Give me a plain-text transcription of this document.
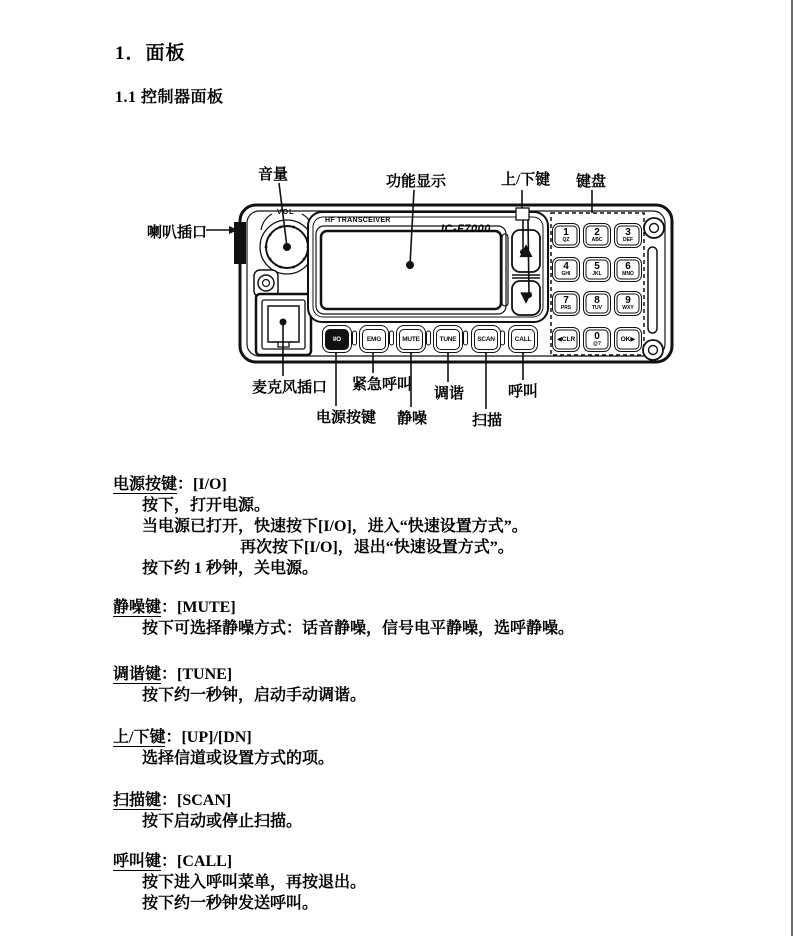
1．面板
1.1 控制器面板
HF TRANSCEIVER
IC-F7000
VOL
▲
▼
1
QZ
2
ABC
3
DEF
4
GHI
5
JKL
6
MNO
7
PRS
8
TUV
9
WXY
◀CLR 0
@?
OK▶
I/O	EMG	MUTE	TUNE	SCAN	CALL
音量	功能显示	上/下键 键盘
喇叭插口
麦克风插口 紧急呼叫
调谐	呼叫
电源按键 静噪	扫描
电源按键：[I/O]
按下，打开电源。
当电源已打开，快速按下[I/O]，进入“快速设置方式”。
再次按下[I/O]，退出“快速设置方式”。
按下约 1 秒钟，关电源。
静噪键：[MUTE]
按下可选择静噪方式：话音静噪，信号电平静噪，选呼静噪。
调谐键：[TUNE]
按下约一秒钟，启动手动调谐。
上/下键：[UP]/[DN]
选择信道或设置方式的项。
扫描键：[SCAN]
按下启动或停止扫描。
呼叫键：[CALL]
按下进入呼叫菜单，再按退出。
按下约一秒钟发送呼叫。
